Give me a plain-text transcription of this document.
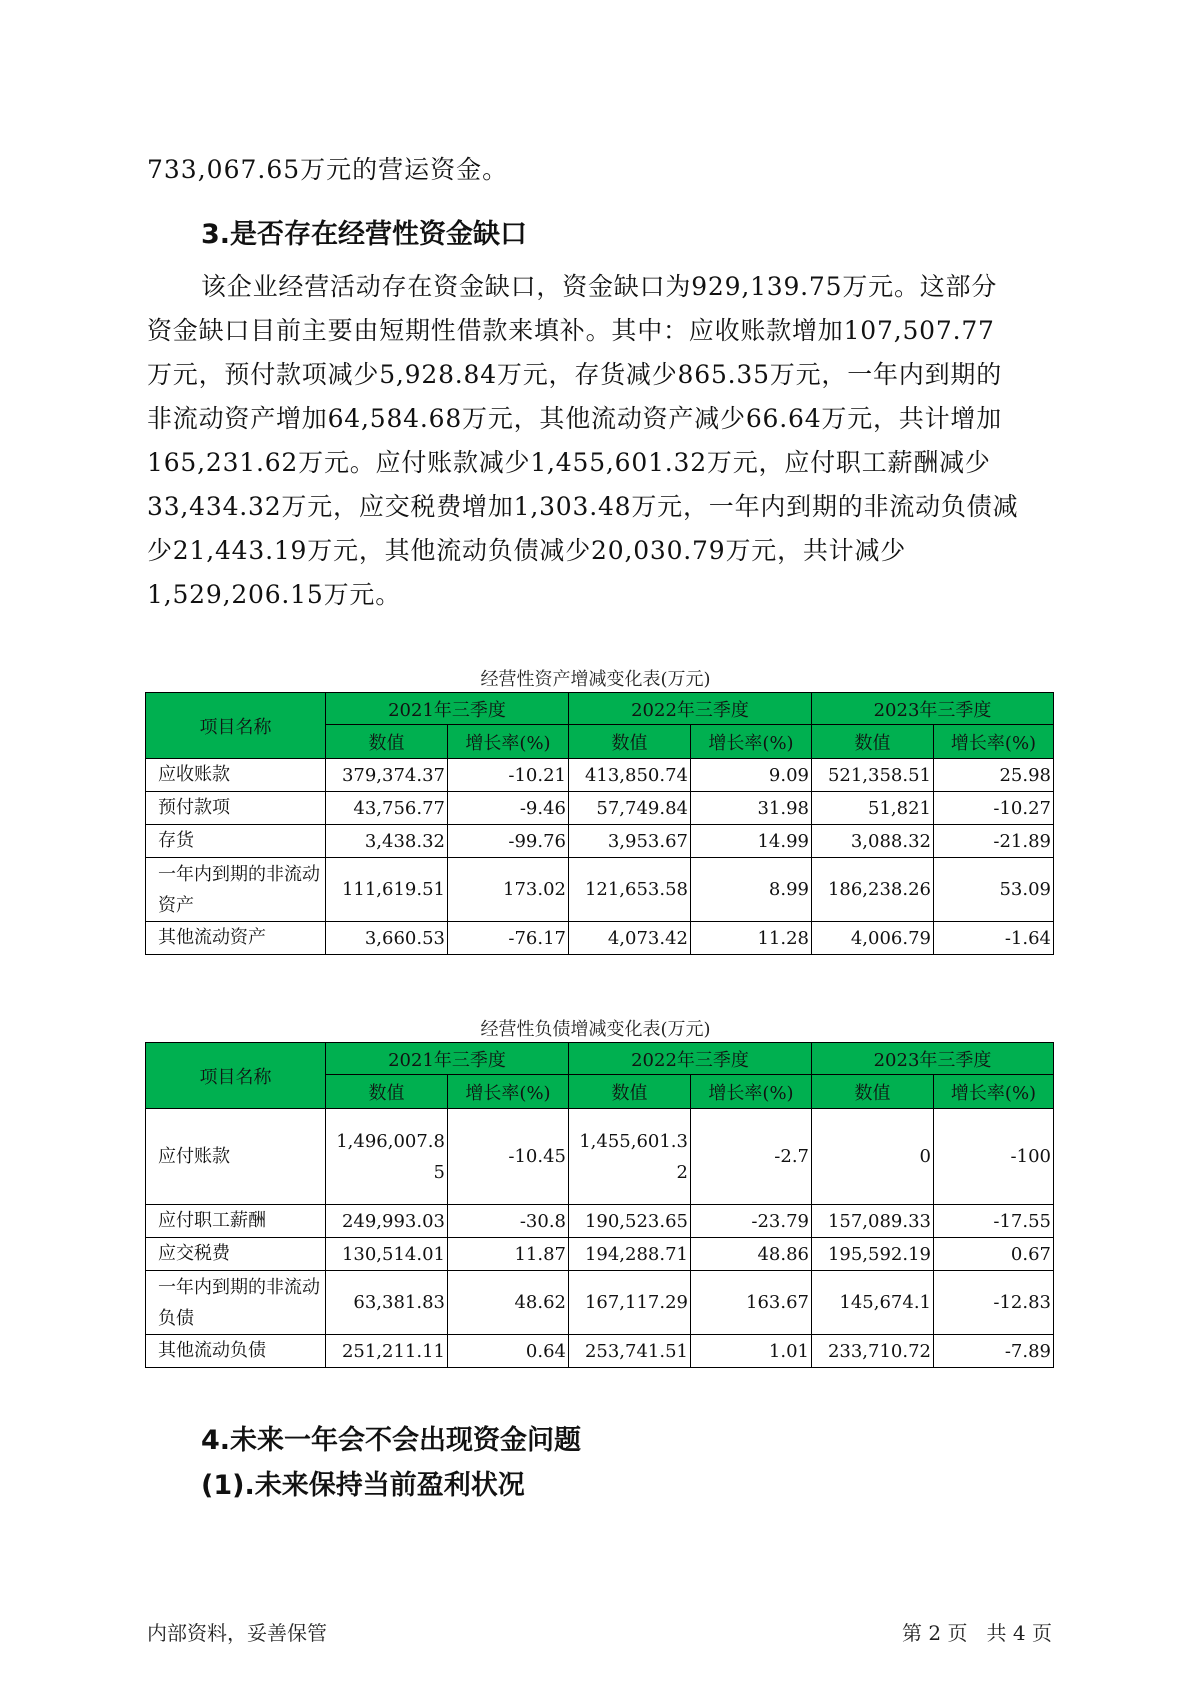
733,067.65万元的营运资金。
3.是否存在经营性资金缺口
该企业经营活动存在资金缺口，资金缺口为929,139.75万元。这部分
资金缺口目前主要由短期性借款来填补。其中：应收账款增加107,507.77
万元，预付款项减少5,928.84万元，存货减少865.35万元，一年内到期的
非流动资产增加64,584.68万元，其他流动资产减少66.64万元，共计增加
165,231.62万元。应付账款减少1,455,601.32万元，应付职工薪酬减少
33,434.32万元，应交税费增加1,303.48万元，一年内到期的非流动负债减
少21,443.19万元，其他流动负债减少20,030.79万元，共计减少
1,529,206.15万元。
经营性资产增减变化表(万元)
项目名称	2021年三季度		2022年三季度		2023年三季度	
	数值	增长率(%)	数值	增长率(%)	数值	增长率(%)
应收账款	379,374.37	-10.21	413,850.74	9.09	521,358.51	25.98
预付款项	43,756.77	-9.46	57,749.84	31.98	51,821	-10.27
存货	3,438.32	-99.76	3,953.67	14.99	3,088.32	-21.89
一年内到期的非流动资产	111,619.51	173.02	121,653.58	8.99	186,238.26	53.09
其他流动资产	3,660.53	-76.17	4,073.42	11.28	4,006.79	-1.64
经营性负债增减变化表(万元)
项目名称	2021年三季度		2022年三季度		2023年三季度	
	数值	增长率(%)	数值	增长率(%)	数值	增长率(%)
应付账款	1,496,007.85	-10.45	1,455,601.32	-2.7	0	-100
应付职工薪酬	249,993.03	-30.8	190,523.65	-23.79	157,089.33	-17.55
应交税费	130,514.01	11.87	194,288.71	48.86	195,592.19	0.67
一年内到期的非流动负债	63,381.83	48.62	167,117.29	163.67	145,674.1	-12.83
其他流动负债	251,211.11	0.64	253,741.51	1.01	233,710.72	-7.89
4.未来一年会不会出现资金问题
(1).未来保持当前盈利状况
内部资料，妥善保管	第 2 页   共 4 页
